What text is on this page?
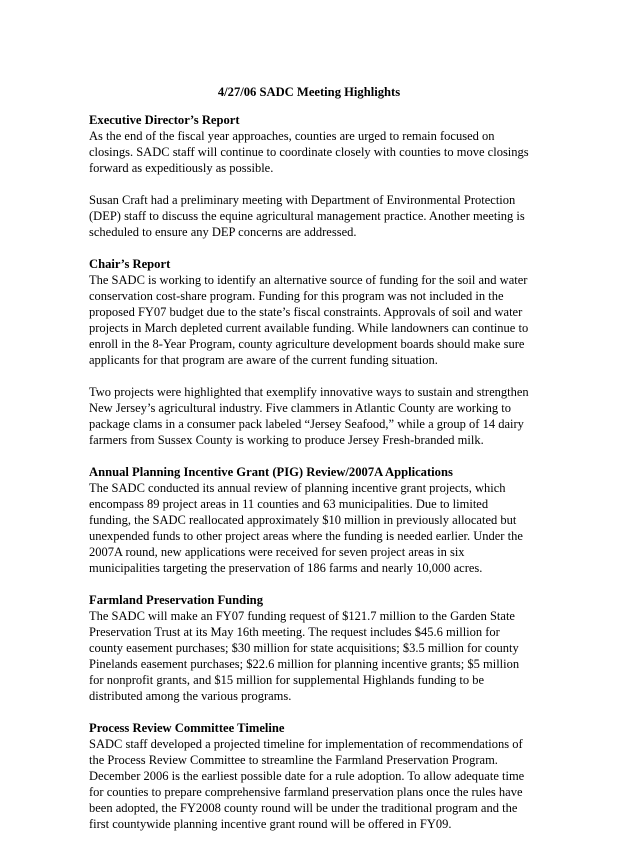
4/27/06 SADC Meeting Highlights
Executive Director’s Report

As the end of the fiscal year approaches, counties are urged to remain focused on closings. SADC staff will continue to coordinate closely with counties to move closings forward as expeditiously as possible.

Susan Craft had a preliminary meeting with Department of Environmental Protection (DEP) staff to discuss the equine agricultural management practice. Another meeting is scheduled to ensure any DEP concerns are addressed.

Chair’s Report

The SADC is working to identify an alternative source of funding for the soil and water conservation cost-share program. Funding for this program was not included in the proposed FY07 budget due to the state’s fiscal constraints. Approvals of soil and water projects in March depleted current available funding. While landowners can continue to enroll in the 8-Year Program, county agriculture development boards should make sure applicants for that program are aware of the current funding situation.

Two projects were highlighted that exemplify innovative ways to sustain and strengthen New Jersey’s agricultural industry. Five clammers in Atlantic County are working to package clams in a consumer pack labeled “Jersey Seafood,” while a group of 14 dairy farmers from Sussex County is working to produce Jersey Fresh-branded milk.

Annual Planning Incentive Grant (PIG) Review/2007A Applications

The SADC conducted its annual review of planning incentive grant projects, which encompass 89 project areas in 11 counties and 63 municipalities. Due to limited funding, the SADC reallocated approximately $10 million in previously allocated but unexpended funds to other project areas where the funding is needed earlier. Under the 2007A round, new applications were received for seven project areas in six municipalities targeting the preservation of 186 farms and nearly 10,000 acres.

Farmland Preservation Funding

The SADC will make an FY07 funding request of $121.7 million to the Garden State Preservation Trust at its May 16th meeting. The request includes $45.6 million for county easement purchases; $30 million for state acquisitions; $3.5 million for county Pinelands easement purchases; $22.6 million for planning incentive grants; $5 million for nonprofit grants, and $15 million for supplemental Highlands funding to be distributed among the various programs.

Process Review Committee Timeline

SADC staff developed a projected timeline for implementation of recommendations of the Process Review Committee to streamline the Farmland Preservation Program. December 2006 is the earliest possible date for a rule adoption. To allow adequate time for counties to prepare comprehensive farmland preservation plans once the rules have been adopted, the FY2008 county round will be under the traditional program and the first countywide planning incentive grant round will be offered in FY09.
